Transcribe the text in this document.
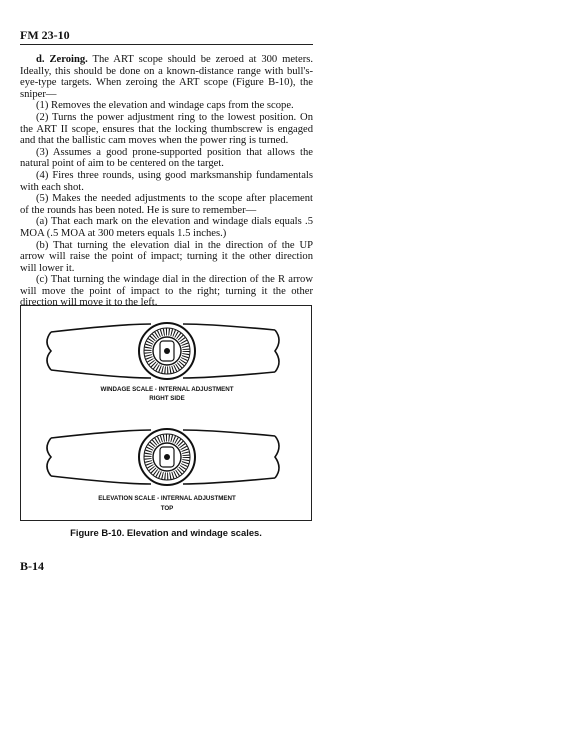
FM 23-10

d. Zeroing. The ART scope should be zeroed at 300 meters. Ideally, this should be done on a known-distance range with bull's-eye-type targets. When zeroing the ART scope (Figure B-10), the sniper—

(1) Removes the elevation and windage caps from the scope.

(2) Turns the power adjustment ring to the lowest position. On the ART II scope, ensures that the locking thumbscrew is engaged and that the ballistic cam moves when the power ring is turned.

(3) Assumes a good prone-supported position that allows the natural point of aim to be centered on the target.

(4) Fires three rounds, using good marksmanship fundamentals with each shot.

(5) Makes the needed adjustments to the scope after placement of the rounds has been noted. He is sure to remember—

(a) That each mark on the elevation and windage dials equals .5 MOA (.5 MOA at 300 meters equals 1.5 inches.)

(b) That turning the elevation dial in the direction of the UP arrow will raise the point of impact; turning it the other direction will lower it.

(c) That turning the windage dial in the direction of the R arrow will move the point of impact to the right; turning it the other direction will move it to the left.

WINDAGE SCALE - INTERNAL ADJUSTMENT
RIGHT SIDE
ELEVATION SCALE - INTERNAL ADJUSTMENT
TOP
Figure B-10. Elevation and windage scales.
B-14
